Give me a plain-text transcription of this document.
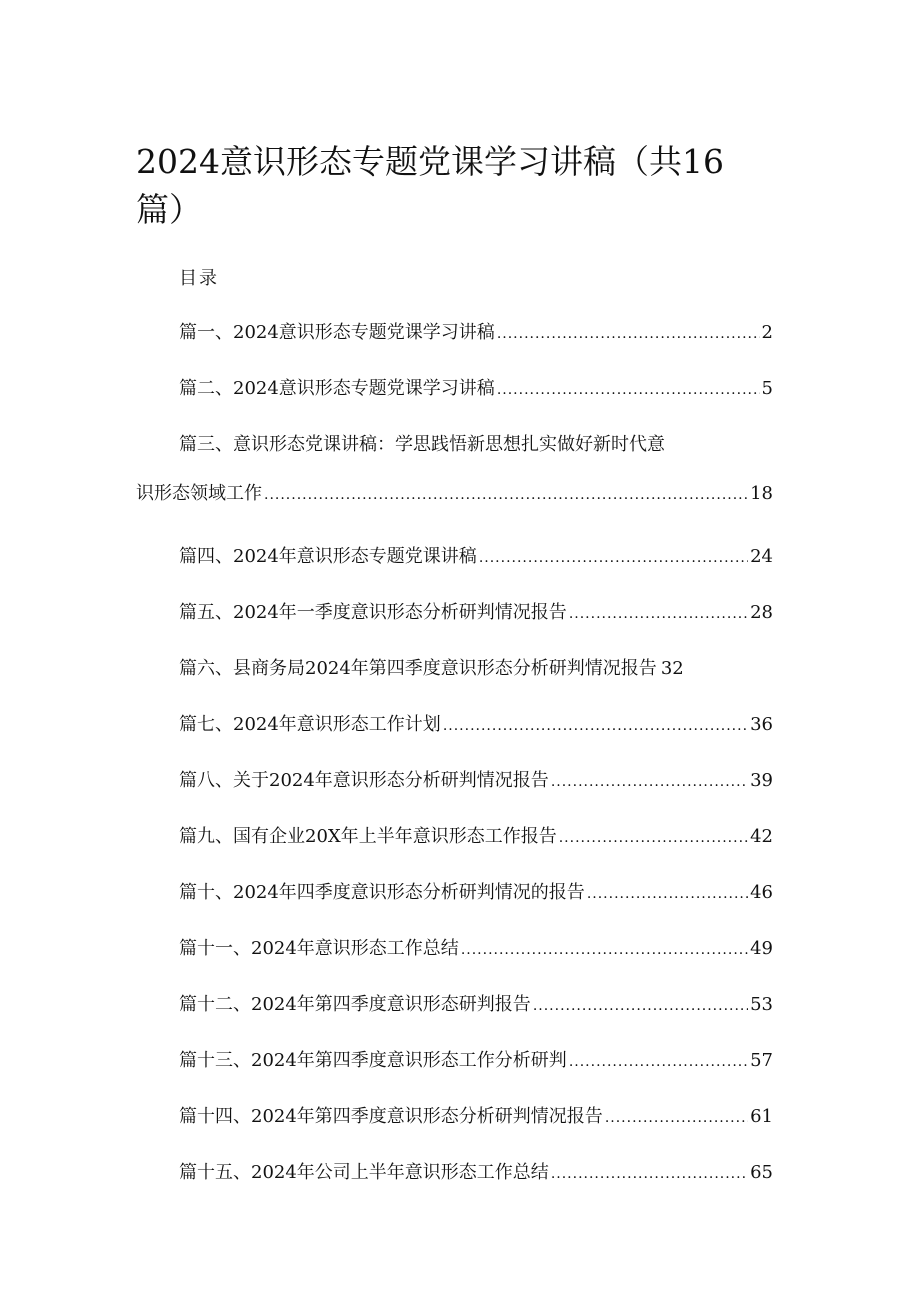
2024意识形态专题党课学习讲稿（共16篇）
目录
篇一、2024意识形态专题党课学习讲稿 .....	2
篇二、2024意识形态专题党课学习讲稿 .....	5
篇三、意识形态党课讲稿：学思践悟新思想扎实做好新时代意
识形态领域工作 .....	18
篇四、2024年意识形态专题党课讲稿 .....	24
篇五、2024年一季度意识形态分析研判情况报告 .....	28
篇六、县商务局2024年第四季度意识形态分析研判情况报告 32
篇七、2024年意识形态工作计划 .....	36
篇八、关于2024年意识形态分析研判情况报告 .....	39
篇九、国有企业20X年上半年意识形态工作报告 .....	42
篇十、2024年四季度意识形态分析研判情况的报告 .....	46
篇十一、2024年意识形态工作总结 .....	49
篇十二、2024年第四季度意识形态研判报告 .....	53
篇十三、2024年第四季度意识形态工作分析研判 .....	57
篇十四、2024年第四季度意识形态分析研判情况报告 .....	61
篇十五、2024年公司上半年意识形态工作总结 .....	65
